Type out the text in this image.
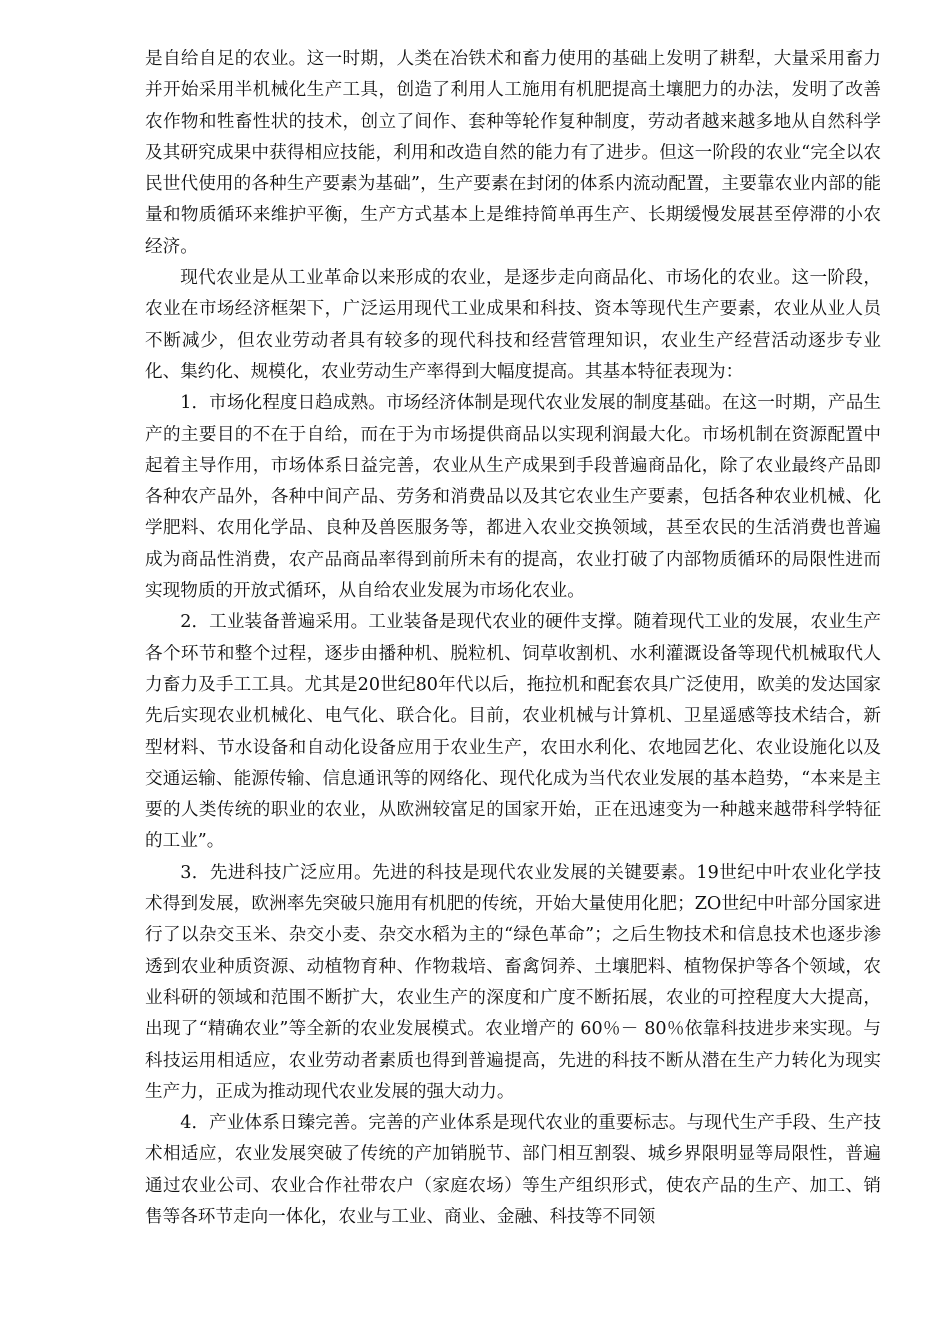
是自给自足的农业。这一时期，人类在冶铁术和畜力使用的基础上发明了耕犁，大量采用畜力并开始采用半机械化生产工具，创造了利用人工施用有机肥提高土壤肥力的办法，发明了改善农作物和牲畜性状的技术，创立了间作、套种等轮作复种制度，劳动者越来越多地从自然科学及其研究成果中获得相应技能，利用和改造自然的能力有了进步。但这一阶段的农业“完全以农民世代使用的各种生产要素为基础”，生产要素在封闭的体系内流动配置，主要靠农业内部的能量和物质循环来维护平衡，生产方式基本上是维持简单再生产、长期缓慢发展甚至停滞的小农经济。

现代农业是从工业革命以来形成的农业，是逐步走向商品化、市场化的农业。这一阶段，农业在市场经济框架下，广泛运用现代工业成果和科技、资本等现代生产要素，农业从业人员不断减少，但农业劳动者具有较多的现代科技和经营管理知识，农业生产经营活动逐步专业化、集约化、规模化，农业劳动生产率得到大幅度提高。其基本特征表现为：

1．市场化程度日趋成熟。市场经济体制是现代农业发展的制度基础。在这一时期，产品生产的主要目的不在于自给，而在于为市场提供商品以实现利润最大化。市场机制在资源配置中起着主导作用，市场体系日益完善，农业从生产成果到手段普遍商品化，除了农业最终产品即各种农产品外，各种中间产品、劳务和消费品以及其它农业生产要素，包括各种农业机械、化学肥料、农用化学品、良种及兽医服务等，都进入农业交换领域，甚至农民的生活消费也普遍成为商品性消费，农产品商品率得到前所未有的提高，农业打破了内部物质循环的局限性进而实现物质的开放式循环，从自给农业发展为市场化农业。

2．工业装备普遍采用。工业装备是现代农业的硬件支撑。随着现代工业的发展，农业生产各个环节和整个过程，逐步由播种机、脱粒机、饲草收割机、水利灌溉设备等现代机械取代人力畜力及手工工具。尤其是20世纪80年代以后，拖拉机和配套农具广泛使用，欧美的发达国家先后实现农业机械化、电气化、联合化。目前，农业机械与计算机、卫星遥感等技术结合，新型材料、节水设备和自动化设备应用于农业生产，农田水利化、农地园艺化、农业设施化以及交通运输、能源传输、信息通讯等的网络化、现代化成为当代农业发展的基本趋势，“本来是主要的人类传统的职业的农业，从欧洲较富足的国家开始，正在迅速变为一种越来越带科学特征的工业”。

3．先进科技广泛应用。先进的科技是现代农业发展的关键要素。19世纪中叶农业化学技术得到发展，欧洲率先突破只施用有机肥的传统，开始大量使用化肥；ZO世纪中叶部分国家进行了以杂交玉米、杂交小麦、杂交水稻为主的“绿色革命”；之后生物技术和信息技术也逐步渗透到农业种质资源、动植物育种、作物栽培、畜禽饲养、土壤肥料、植物保护等各个领域，农业科研的领域和范围不断扩大，农业生产的深度和广度不断拓展，农业的可控程度大大提高，出现了“精确农业”等全新的农业发展模式。农业增产的 60％－ 80％依靠科技进步来实现。与科技运用相适应，农业劳动者素质也得到普遍提高，先进的科技不断从潜在生产力转化为现实生产力，正成为推动现代农业发展的强大动力。

4．产业体系日臻完善。完善的产业体系是现代农业的重要标志。与现代生产手段、生产技术相适应，农业发展突破了传统的产加销脱节、部门相互割裂、城乡界限明显等局限性，普遍通过农业公司、农业合作社带农户（家庭农场）等生产组织形式，使农产品的生产、加工、销售等各环节走向一体化，农业与工业、商业、金融、科技等不同领
